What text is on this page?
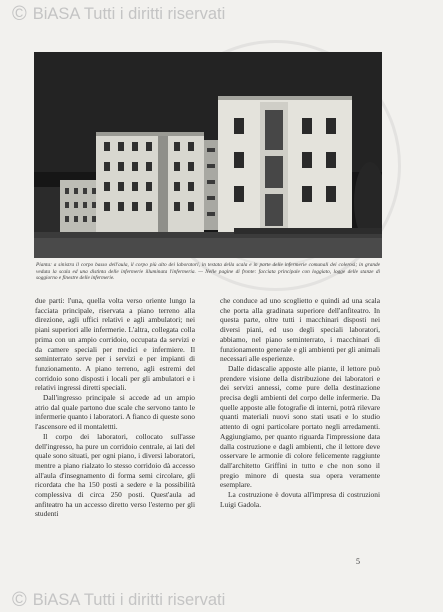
© BiASA Tutti i diritti riservati

Pianta: a sinistra il corpo basso dell'aula, il corpo più alto dei laboratori, in testata della scala e in parte delle infermerie comunali dei colerosi; in grande veduta la scala ed una distinta delle infermerie illuminata l'infermeria. — Nelle pagine di fronte: facciata principale con loggiato, logge delle stanze di soggiorno e finestre delle infermerie.

due parti: l'una, quella volta verso oriente lungo la facciata principale, riservata a piano terreno alla direzione, agli uffici relativi e agli ambulatori; nei piani superiori alle infermerie. L'altra, collegata colla prima con un ampio corridoio, occupata da servizi e da camere speciali per medici e infermiere. Il seminterrato serve per i servizi e per impianti di funzionamento. A piano terreno, agli estremi del corridoio sono disposti i locali per gli ambulatori e i relativi ingressi diretti speciali.

Dall'ingresso principale si accede ad un ampio atrio dal quale partono due scale che servono tanto le infermerie quanto i laboratori. A fianco di queste sono l'ascensore ed il montalettti.

Il corpo dei laboratori, collocato sull'asse dell'ingresso, ha pure un corridoio centrale, ai lati del quale sono situati, per ogni piano, i diversi laboratori, mentre a piano rialzato lo stesso corridoio dà accesso all'aula d'insegnamento di forma semi circolare, gli ricordata che ha 150 posti a sedere e la possibilità complessiva di circa 250 posti. Quest'aula ad anfiteatro ha un accesso diretto verso l'esterno per gli studenti

che conduce ad uno scoglietto e quindi ad una scala che porta alla gradinata superiore dell'anfiteatro. In questa parte, oltre tutti i macchinari disposti nei diversi piani, ed uso degli speciali laboratori, abbiamo, nel piano seminterrato, i macchinari di funzionamento generale e gli ambienti per gli animali necessari alle esperienze.

Dalle didascalie apposte alle piante, il lettore può prendere visione della distribuzione dei laboratori e dei servizi annessi, come pure della destinazione precisa degli ambienti del corpo delle infermerie. Da quelle apposte alle fotografie di interni, potrà rilevare quanti materiali nuovi sono stati usati e lo studio attento di ogni particolare portato negli arredamenti. Aggiungiamo, per quanto riguarda l'impressione data dalla costruzione e dagli ambienti, che il lettore deve osservare le armonie di colore felicemente raggiunte dall'architetto Griffini in tutto e che non sono il pregio minore di questa sua opera veramente esemplare.

La costruzione è dovuta all'impresa di costruzioni Luigi Gadola.

5
© BiASA Tutti i diritti riservati
